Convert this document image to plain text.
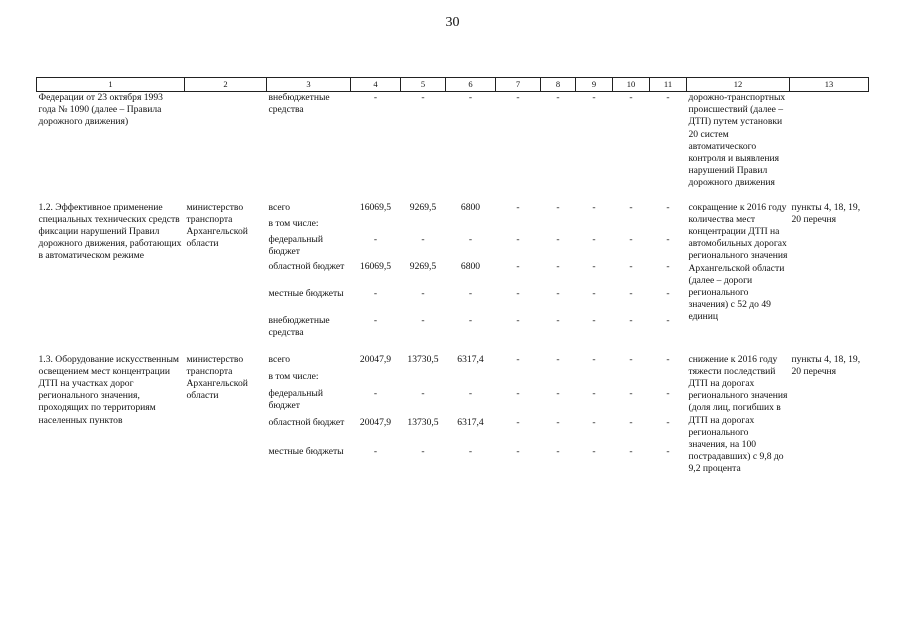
30
1	2	3	4	5	6	7	8	9	10	11	12	13
Федерации от 23 октября 1993 года № 1090 (далее – Правила дорожного движения)		внебюджетные средства	-	-	-	-	-	-	-	-	дорожно-транспортных происшествий (далее – ДТП) путем установки 20 систем автоматического контроля и выявления нарушений Правил дорожного движения	

1.2. Эффективное применение специальных технических средств фиксации нарушений Правил дорожного движения, работающих в автоматическом режиме	министерство транспорта Архангельской области	всего	16069,5	9269,5	6800	-	-	-	-	-	сокращение к 2016 году количества мест концентрации ДТП на автомобильных дорогах регионального значения Архангельской области (далее – дороги регионального значения) с 52 до 49 единиц	пункты 4, 18, 19, 20 перечня
		в том числе:										
		федеральный бюджет	-	-	-	-	-	-	-	-		
		областной бюджет	16069,5	9269,5	6800	-	-	-	-	-		
		местные бюджеты	-	-	-	-	-	-	-	-		
		внебюджетные средства	-	-	-	-	-	-	-	-		

1.3. Оборудование искусственным освещением мест концентрации ДТП на участках дорог регионального значения, проходящих по территориям населенных пунктов	министерство транспорта Архангельской области	всего	20047,9	13730,5	6317,4	-	-	-	-	-	снижение к 2016 году тяжести последствий ДТП на дорогах регионального значения (доля лиц, погибших в ДТП на дорогах регионального значения, на 100 пострадавших) с 9,8 до 9,2 процента	пункты 4, 18, 19, 20 перечня
		в том числе:										
		федеральный бюджет	-	-	-	-	-	-	-	-		
		областной бюджет	20047,9	13730,5	6317,4	-	-	-	-	-		
		местные бюджеты	-	-	-	-	-	-	-	-		
